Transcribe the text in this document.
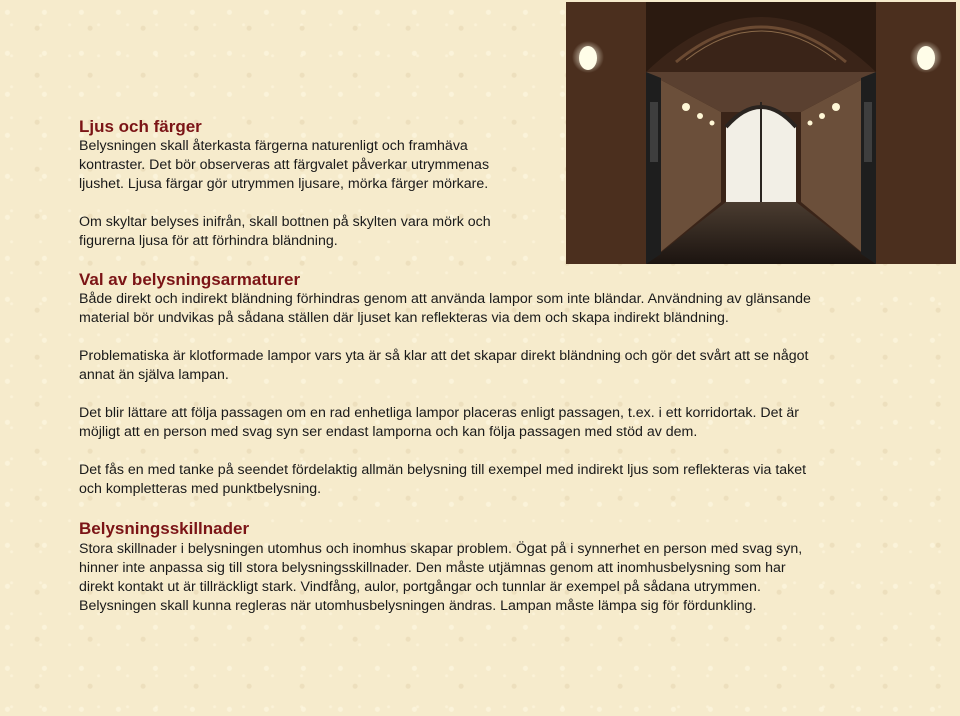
Ljus och färger

Belysningen skall återkasta färgerna naturenligt och framhäva
kontraster. Det bör observeras att färgvalet påverkar utrymmenas
ljushet. Ljusa färgar gör utrymmen ljusare, mörka färger mörkare.

Om skyltar belyses inifrån, skall bottnen på skylten vara mörk och
figurerna ljusa för att förhindra bländning.

Val av belysningsarmaturer

Både direkt och indirekt bländning förhindras genom att använda lampor som inte bländar. Användning av glänsande
material bör undvikas på sådana ställen där ljuset kan reflekteras via dem och skapa indirekt bländning.

Problematiska är klotformade lampor vars yta är så klar att det skapar direkt bländning och gör det svårt att se något
annat än själva lampan.

Det blir lättare att följa passagen om en rad enhetliga lampor placeras enligt passagen, t.ex. i ett korridortak. Det är
möjligt att en person med svag syn ser endast lamporna och kan följa passagen med stöd av dem.

Det fås en med tanke på seendet fördelaktig allmän belysning till exempel med indirekt ljus som reflekteras via taket
och kompletteras med punktbelysning.

Belysningsskillnader

Stora skillnader i belysningen utomhus och inomhus skapar problem. Ögat på i synnerhet en person med svag syn,
hinner inte anpassa sig till stora belysningsskillnader. Den måste utjämnas genom att inomhusbelysning som har
direkt kontakt ut är tillräckligt stark. Vindfång, aulor, portgångar och tunnlar är exempel på sådana utrymmen.
Belysningen skall kunna regleras när utomhusbelysningen ändras. Lampan måste lämpa sig för fördunkling.
